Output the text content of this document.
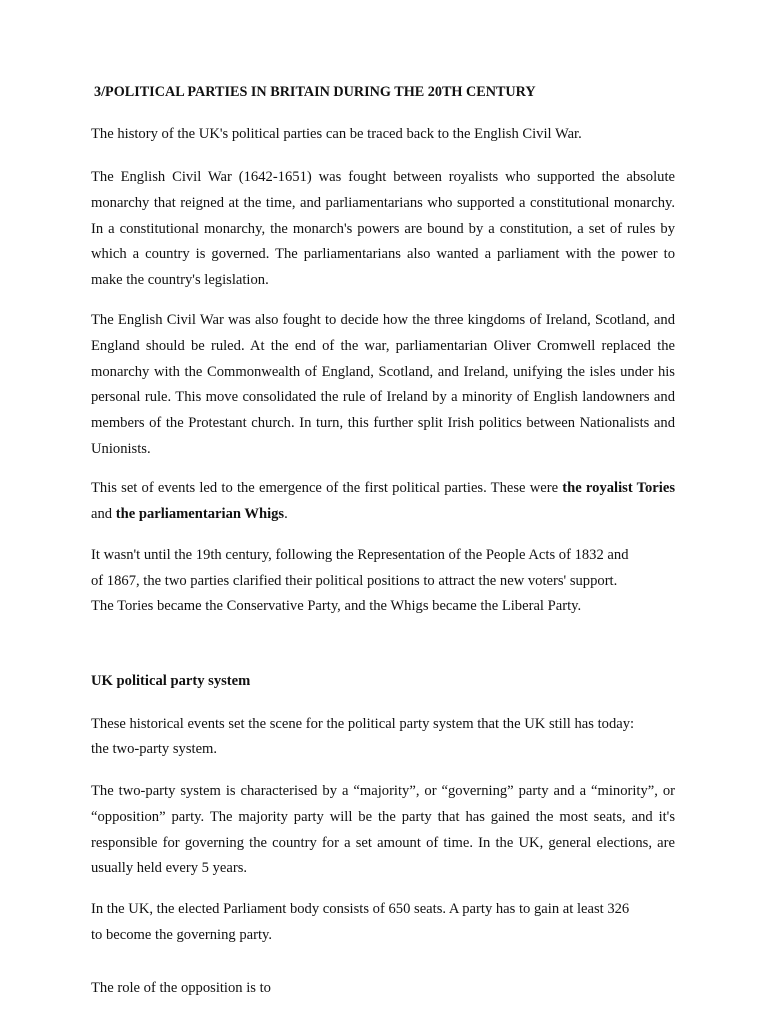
3/POLITICAL PARTIES IN BRITAIN DURING THE 20TH CENTURY

The history of the UK's political parties can be traced back to the English Civil War.

The English Civil War (1642-1651) was fought between royalists who supported the absolute monarchy that reigned at the time, and parliamentarians who supported a constitutional monarchy. In a constitutional monarchy, the monarch's powers are bound by a constitution, a set of rules by which a country is governed. The parliamentarians also wanted a parliament with the power to make the country's legislation.

The English Civil War was also fought to decide how the three kingdoms of Ireland, Scotland, and England should be ruled. At the end of the war, parliamentarian Oliver Cromwell replaced the monarchy with the Commonwealth of England, Scotland, and Ireland, unifying the isles under his personal rule. This move consolidated the rule of Ireland by a minority of English landowners and members of the Protestant church. In turn, this further split Irish politics between Nationalists and Unionists.

This set of events led to the emergence of the first political parties. These were the royalist Tories and the parliamentarian Whigs.

It wasn't until the 19th century, following the Representation of the People Acts of 1832 and

of 1867, the two parties clarified their political positions to attract the new voters' support.

The Tories became the Conservative Party, and the Whigs became the Liberal Party.

UK political party system

These historical events set the scene for the political party system that the UK still has today:

the two-party system.

The two-party system is characterised by a “majority”, or “governing” party and a “minority”, or “opposition” party. The majority party will be the party that has gained the most seats, and it's responsible for governing the country for a set amount of time. In the UK, general elections, are usually held every 5 years.

In the UK, the elected Parliament body consists of 650 seats. A party has to gain at least 326

to become the governing party.

The role of the opposition is to
